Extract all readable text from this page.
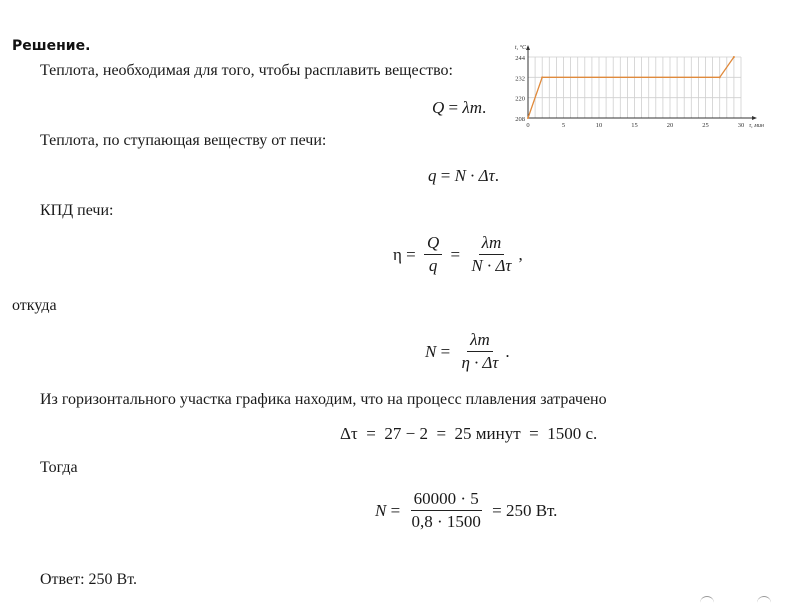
Решение.
Теплота, необходимая для того, чтобы расплавить вещество:
Q = λm .
Теплота, по ступающая веществу от печи:
q = N · Δτ .
КПД печи:
$\eta = \frac{Q}{q} = \frac{\lambda m}{N \cdot \Delta\tau}$ ,
откуда
$N = \frac{\lambda m}{\eta \cdot \Delta\tau}$ .
Из горизонтального участка графика находим, что на процесс плавления затрачено
Δτ  =  27 − 2  =  25 минут  =  1500 с.
Тогда
$N = \frac{60000 \cdot 5}{0,8 \cdot 1500} = 250$ Вт.
Ответ: 250 Вт.
208
220
232
244
0	5	10	15	20	25	30 τ, мин
t, °C
